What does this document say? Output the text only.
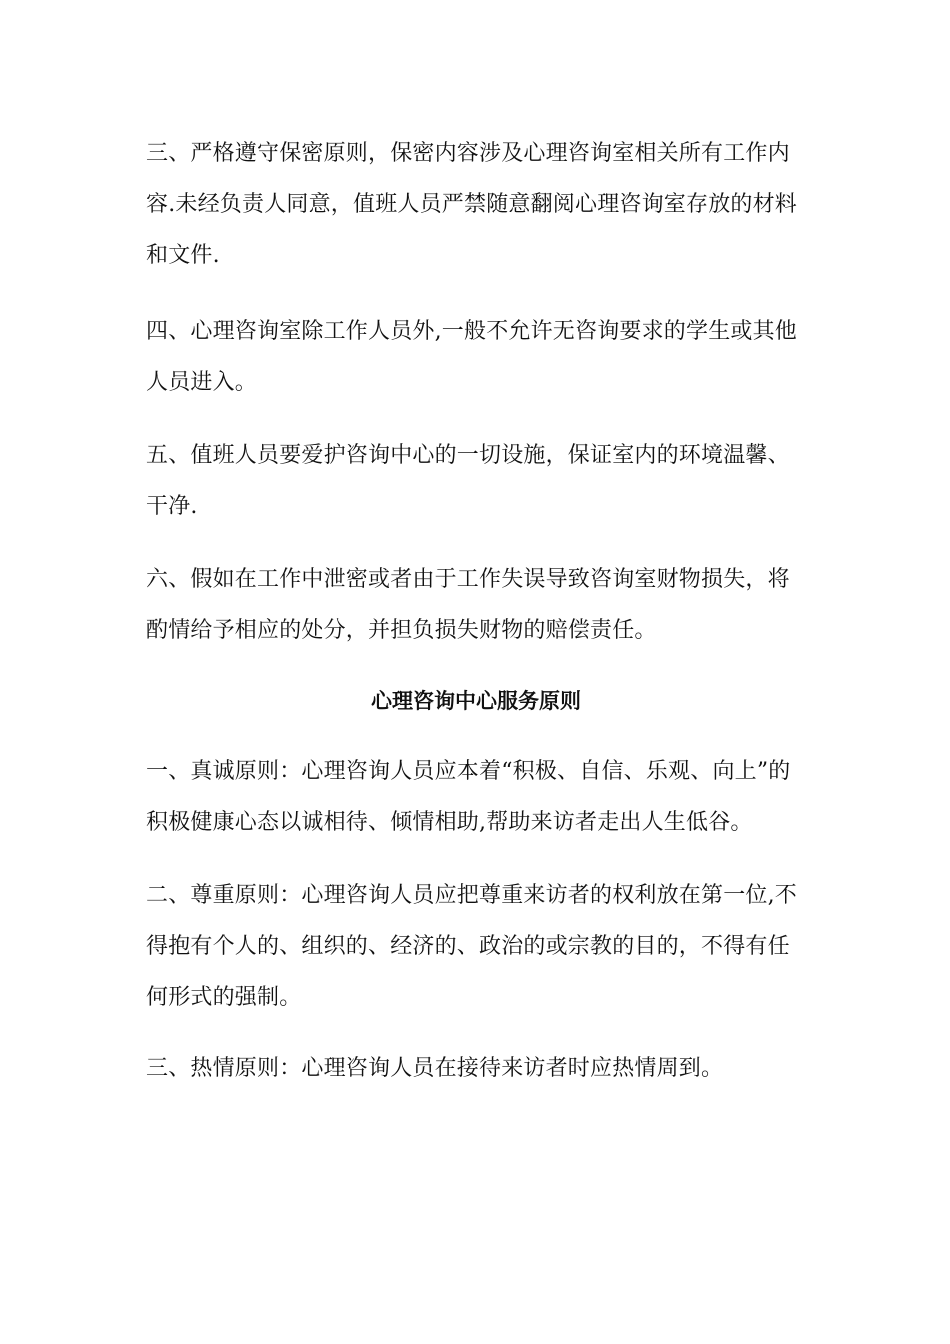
三、严格遵守保密原则，保密内容涉及心理咨询室相关所有工作内容.未经负责人同意，值班人员严禁随意翻阅心理咨询室存放的材料和文件.

四、心理咨询室除工作人员外,一般不允许无咨询要求的学生或其他人员进入。

五、值班人员要爱护咨询中心的一切设施，保证室内的环境温馨、干净.

六、假如在工作中泄密或者由于工作失误导致咨询室财物损失，将酌情给予相应的处分，并担负损失财物的赔偿责任。

心理咨询中心服务原则

一、真诚原则：心理咨询人员应本着“积极、自信、乐观、向上”的积极健康心态以诚相待、倾情相助,帮助来访者走出人生低谷。

二、尊重原则：心理咨询人员应把尊重来访者的权利放在第一位,不得抱有个人的、组织的、经济的、政治的或宗教的目的，不得有任何形式的强制。

三、热情原则：心理咨询人员在接待来访者时应热情周到。
